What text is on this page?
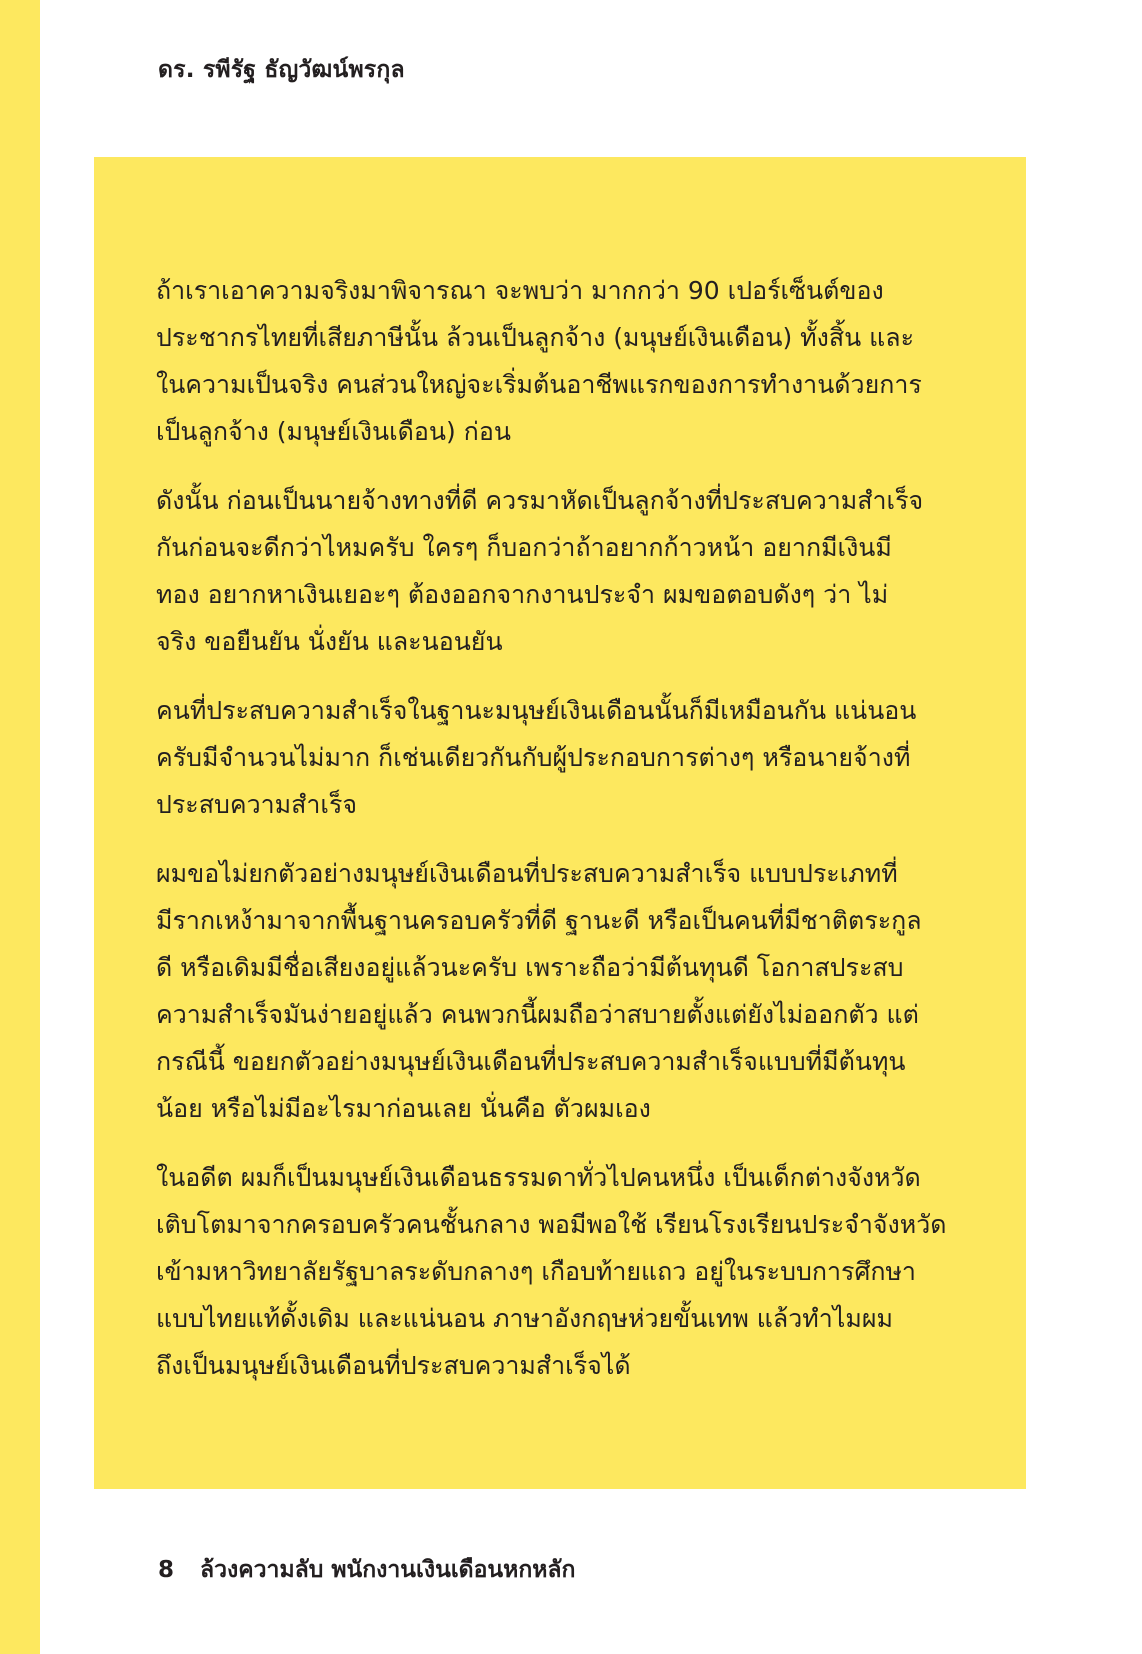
ดร. รพีรัฐ ธัญวัฒน์พรกุล

ถ้าเราเอาความจริงมาพิจารณา จะพบว่า มากกว่า 90 เปอร์เซ็นต์ของ
ประชากรไทยที่เสียภาษีนั้น ล้วนเป็นลูกจ้าง (มนุษย์เงินเดือน) ทั้งสิ้น และ
ในความเป็นจริง คนส่วนใหญ่จะเริ่มต้นอาชีพแรกของการทำงานด้วยการ
เป็นลูกจ้าง (มนุษย์เงินเดือน) ก่อน

ดังนั้น ก่อนเป็นนายจ้างทางที่ดี ควรมาหัดเป็นลูกจ้างที่ประสบความสำเร็จ
กันก่อนจะดีกว่าไหมครับ ใครๆ ก็บอกว่าถ้าอยากก้าวหน้า อยากมีเงินมี
ทอง อยากหาเงินเยอะๆ ต้องออกจากงานประจำ ผมขอตอบดังๆ ว่า ไม่
จริง ขอยืนยัน นั่งยัน และนอนยัน

คนที่ประสบความสำเร็จในฐานะมนุษย์เงินเดือนนั้นก็มีเหมือนกัน แน่นอน
ครับมีจำนวนไม่มาก ก็เช่นเดียวกันกับผู้ประกอบการต่างๆ หรือนายจ้างที่
ประสบความสำเร็จ

ผมขอไม่ยกตัวอย่างมนุษย์เงินเดือนที่ประสบความสำเร็จ แบบประเภทที่
มีรากเหง้ามาจากพื้นฐานครอบครัวที่ดี ฐานะดี หรือเป็นคนที่มีชาติตระกูล
ดี หรือเดิมมีชื่อเสียงอยู่แล้วนะครับ เพราะถือว่ามีต้นทุนดี โอกาสประสบ
ความสำเร็จมันง่ายอยู่แล้ว คนพวกนี้ผมถือว่าสบายตั้งแต่ยังไม่ออกตัว แต่
กรณีนี้ ขอยกตัวอย่างมนุษย์เงินเดือนที่ประสบความสำเร็จแบบที่มีต้นทุน
น้อย หรือไม่มีอะไรมาก่อนเลย นั่นคือ ตัวผมเอง

ในอดีต ผมก็เป็นมนุษย์เงินเดือนธรรมดาทั่วไปคนหนึ่ง เป็นเด็กต่างจังหวัด
เติบโตมาจากครอบครัวคนชั้นกลาง พอมีพอใช้ เรียนโรงเรียนประจำจังหวัด
เข้ามหาวิทยาลัยรัฐบาลระดับกลางๆ เกือบท้ายแถว อยู่ในระบบการศึกษา
แบบไทยแท้ดั้งเดิม และแน่นอน ภาษาอังกฤษห่วยขั้นเทพ แล้วทำไมผม
ถึงเป็นมนุษย์เงินเดือนที่ประสบความสำเร็จได้

8 ล้วงความลับ พนักงานเงินเดือนหกหลัก
